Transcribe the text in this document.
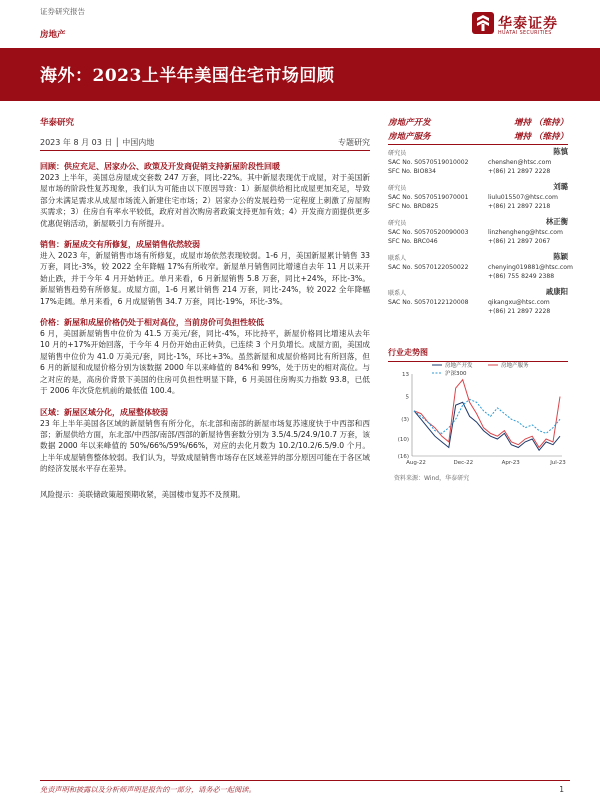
证券研究报告
房地产
华泰证券
HUATAI SECURITIES
海外：2023上半年美国住宅市场回顾
华泰研究
2023 年 8 月 03 日 │ 中国内地	专题研究
回顾：供应充足、居家办公、政策及开发商促销支持新屋阶段性回暖
2023 上半年，美国总房屋成交套数 247 万套，同比-22%。其中新屋表现优于成屋，对于美国新屋市场的阶段性复苏现象，我们认为可能由以下原因导致：1）新屋供给相比成屋更加充足，导致部分未满足需求从成屋市场流入新建住宅市场；2）居家办公的发展趋势一定程度上刺激了房屋购买需求；3）住房自有率水平较低，政府对首次购房者政策支持更加有效；4）开发商方面提供更多优惠促销活动，新屋吸引力有所提升。
销售：新屋成交有所修复，成屋销售依然较弱
进入 2023 年，新屋销售市场有所修复，成屋市场依然表现较弱。1-6 月，美国新屋累计销售 33 万套，同比-3%，较 2022 全年降幅 17%有所收窄。新屋单月销售同比增速自去年 11 月以来开始止跌，并于今年 4 月开始转正。单月来看，6 月新屋销售 5.8 万套，同比+24%，环比-3%。新屋销售趋势有所修复。成屋方面，1-6 月累计销售 214 万套，同比-24%，较 2022 全年降幅 17%走阔。单月来看，6 月成屋销售 34.7 万套，同比-19%，环比-3%。
价格：新屋和成屋价格仍处于相对高位，当前房价可负担性较低
6 月，美国新屋销售中位价为 41.5 万美元/套，同比-4%，环比持平，新屋价格同比增速从去年 10 月的+17%开始回落，于今年 4 月份开始由正转负，已连续 3 个月负增长。成屋方面，美国成屋销售中位价为 41.0 万美元/套，同比-1%，环比+3%。虽然新屋和成屋价格同比有所回落，但 6 月的新屋和成屋价格分别为该数据 2000 年以来峰值的 84%和 99%，处于历史的相对高位。与之对应的是，高房价背景下美国的住房可负担性明显下降，6 月美国住房购买力指数 93.8，已低于 2006 年次贷危机前的最低值 100.4。
区域：新屋区域分化，成屋整体较弱
23 年上半年美国各区域的新屋销售有所分化，东北部和南部的新屋市场复苏速度快于中西部和西部；新屋供给方面，东北部/中西部/南部/西部的新屋待售套数分别为 3.5/4.5/24.9/10.7 万套，该数据 2000 年以来峰值的 50%/66%/59%/66%，对应的去化月数为 10.2/10.2/6.5/9.0 个月。上半年成屋销售整体较弱。我们认为，导致成屋销售市场存在区域差异的部分原因可能在于各区域的经济发展水平存在差异。
风险提示：美联储政策超预期收紧，美国楼市复苏不及预期。
房地产开发	增持 （维持）
房地产服务	增持 （维持）
研究员	陈慎
SAC No. S0570519010002
SFC No. BIO834
chenshen@htsc.com
+(86) 21 2897 2228
研究员	刘璐
SAC No. S0570519070001
SFC No. BRD825
liulu015507@htsc.com
+(86) 21 2897 2218
研究员	林正衡
SAC No. S0570520090003
SFC No. BRC046
linzhengheng@htsc.com
+(86) 21 2897 2067
联系人	陈颖
SAC No. S0570122050022	chenying019881@htsc.com
+(86) 755 8249 2388
联系人	戚康阳
SAC No. S0570122120008	qikangxu@htsc.com
+(86) 21 2897 2228
行业走势图
13
5
(3)
(10)
(16)
Aug-22	Dec-22	Apr-23	Jul-23
房地产开发	房地产服务
沪深300
资料来源：Wind，华泰研究
免责声明和披露以及分析师声明是报告的一部分，请务必一起阅读。	1
